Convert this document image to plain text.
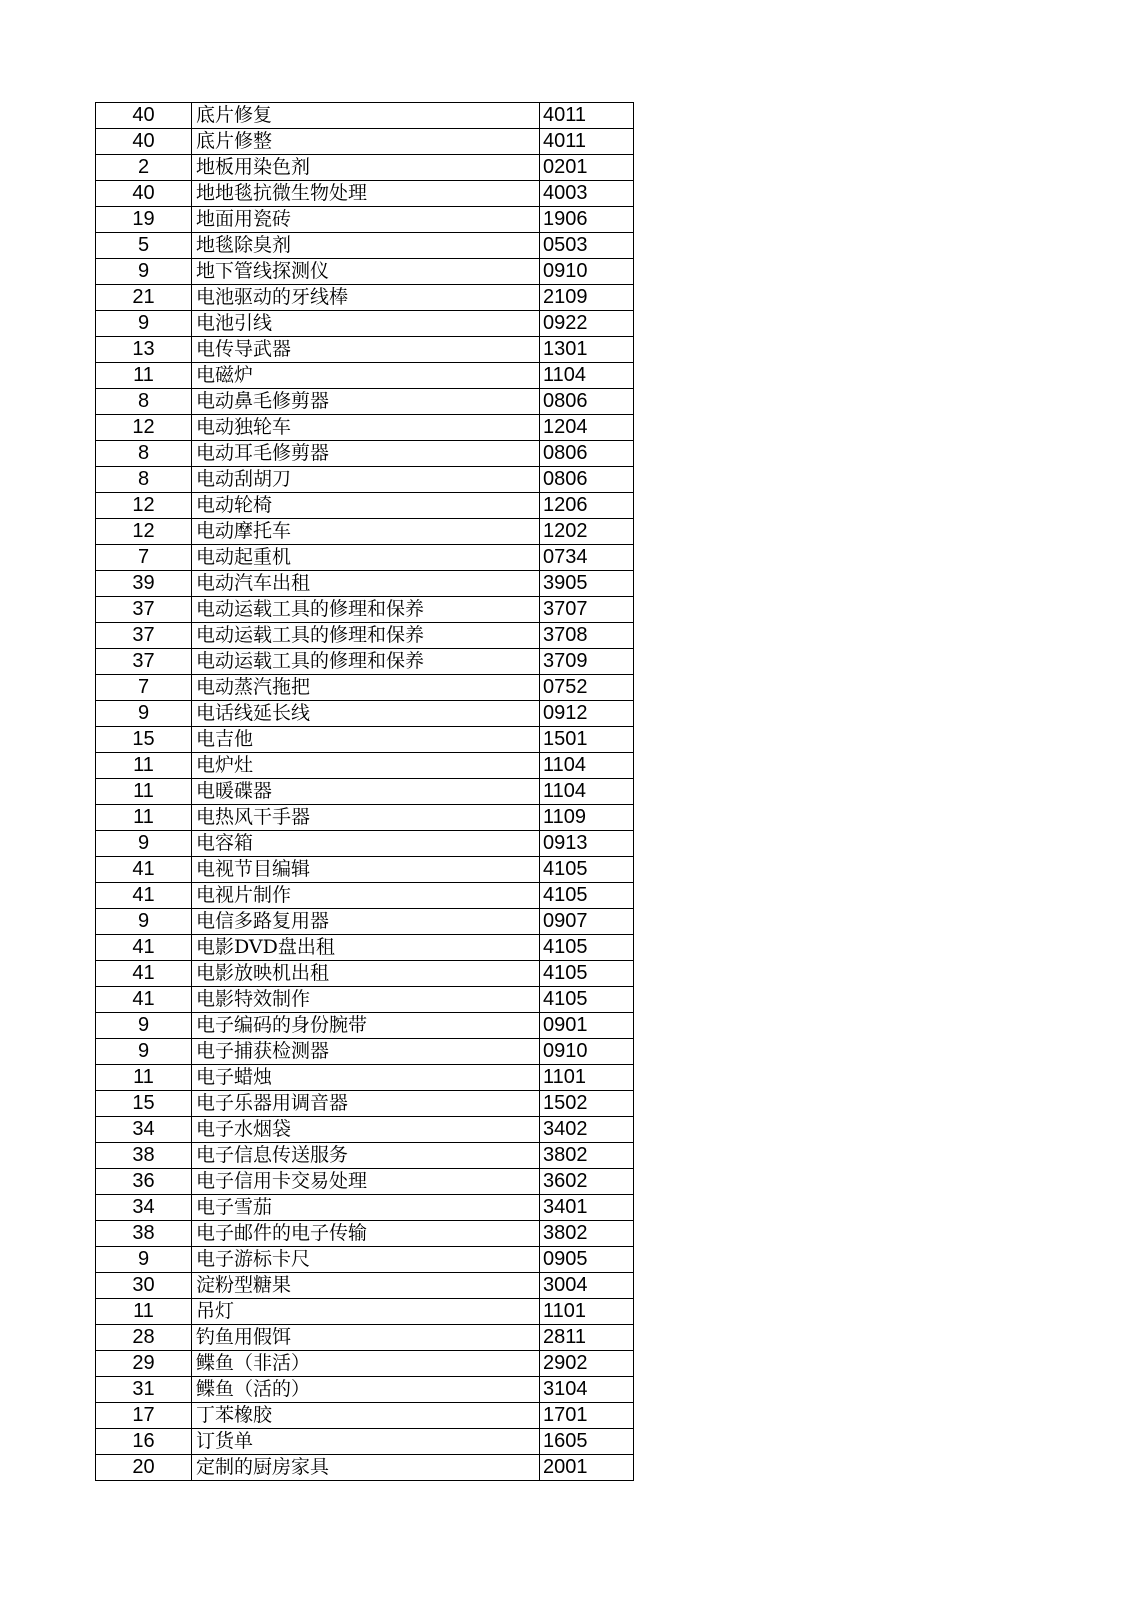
40	底片修复	4011
40	底片修整	4011
2	地板用染色剂	0201
40	地地毯抗微生物处理	4003
19	地面用瓷砖	1906
5	地毯除臭剂	0503
9	地下管线探测仪	0910
21	电池驱动的牙线棒	2109
9	电池引线	0922
13	电传导武器	1301
11	电磁炉	1104
8	电动鼻毛修剪器	0806
12	电动独轮车	1204
8	电动耳毛修剪器	0806
8	电动刮胡刀	0806
12	电动轮椅	1206
12	电动摩托车	1202
7	电动起重机	0734
39	电动汽车出租	3905
37	电动运载工具的修理和保养	3707
37	电动运载工具的修理和保养	3708
37	电动运载工具的修理和保养	3709
7	电动蒸汽拖把	0752
9	电话线延长线	0912
15	电吉他	1501
11	电炉灶	1104
11	电暖碟器	1104
11	电热风干手器	1109
9	电容箱	0913
41	电视节目编辑	4105
41	电视片制作	4105
9	电信多路复用器	0907
41	电影DVD盘出租	4105
41	电影放映机出租	4105
41	电影特效制作	4105
9	电子编码的身份腕带	0901
9	电子捕获检测器	0910
11	电子蜡烛	1101
15	电子乐器用调音器	1502
34	电子水烟袋	3402
38	电子信息传送服务	3802
36	电子信用卡交易处理	3602
34	电子雪茄	3401
38	电子邮件的电子传输	3802
9	电子游标卡尺	0905
30	淀粉型糖果	3004
11	吊灯	1101
28	钓鱼用假饵	2811
29	鲽鱼（非活）	2902
31	鲽鱼（活的）	3104
17	丁苯橡胶	1701
16	订货单	1605
20	定制的厨房家具	2001
